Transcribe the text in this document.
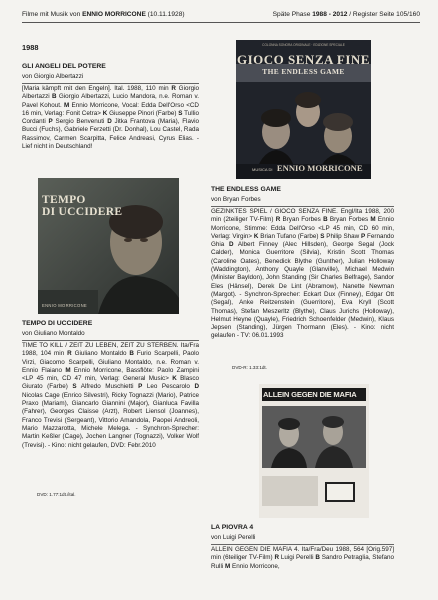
Filme mit Musik von ENNIO MORRICONE (10.11.1928)	Späte Phase 1988 - 2012 / Register Seite 105/160
1988
GLI ANGELI DEL POTERE
von Giorgio Albertazzi

[Maria kämpft mit den Engeln]. Ital. 1988, 110 min R Giorgio Albertazzi B Giorgio Albertazzi, Lucio Mandora, n.e. Roman v. Pavel Kohout. M Ennio Morricone, Vocal: Edda Dell'Orso <CD 16 min, Verlag: Fonit Cetra> K Giuseppe Pinori (Farbe) S Tullio Cordanti P Sergio Benvenuti D Jitka Frantova (Maria), Flavio Bucci (Fuchs), Gabriele Ferzetti (Dr. Donhal), Lou Castel, Rada Rassimov, Carmen Scarpitta, Felice Andreasi, Cyrus Elias. - Lief nicht in Deutschland!

TEMPO
DI UCCIDERE
ENNIO MORRICONE
TEMPO DI UCCIDERE
von Giuliano Montaldo

TIME TO KILL / ZEIT ZU LEBEN, ZEIT ZU STERBEN. Ita/Fra 1988, 104 min R Giuliano Montaldo B Furio Scarpelli, Paolo Virzi, Giacomo Scarpelli, Giuliano Montaldo, n.e. Roman v. Ennio Flaiano M Ennio Morricone, Bassflöte: Paolo Zampini <LP 45 min, CD 47 min, Verlag: General Music> K Blasco Giurato (Farbe) S Alfredo Muschietti P Leo Pescarolo D Nicolas Cage (Enrico Silvestri), Ricky Tognazzi (Mario), Patrice Praxo (Mariam), Giancarlo Giannini (Major), Gianluca Favilla (Fahrer), Georges Claisse (Arzt), Robert Liensol (Joannes), Franco Trevisi (Sergeant), Vittorio Amandola, Paopei Andreoli, Mario Mazzarotta, Michele Melega. - Synchron-Sprecher: Martin Keßler (Cage), Jochen Langner (Tognazzi), Volker Wolf (Trevisi). - Kino: nicht gelaufen, DVD: Febr.2010

DVD: 1.77:1dt./ital.
COLONNA SONORA ORIGINALE · EDIZIONE SPECIALE
GIOCO SENZA FINE
THE ENDLESS GAME
MUSICA DI ENNIO MORRICONE
THE ENDLESS GAME
von Bryan Forbes

GEZINKTES SPIEL / GIOCO SENZA FINE. Engl/Ita 1988, 200 min (2teiliger TV-Film) R Bryan Forbes B Bryan Forbes M Ennio Morricone, Stimme: Edda Dell'Orso <LP 45 min, CD 60 min, Verlag: Virgin> K Brian Tufano (Farbe) S Philip Shaw P Fernando Ghia D Albert Finney (Alec Hillsden), George Segal (Jock Calder), Monica Guerritore (Silvia), Kristin Scott Thomas (Caroline Oates), Benedick Blythe (Gunther), Julian Holloway (Waddington), Anthony Quayle (Glanville), Michael Medwin (Minister Bayldon), John Standing (Sir Charles Belfrage), Sandor Eles (Hänsel), Derek De Lint (Abramow), Nanette Newman (Margot). - Synchron-Sprecher: Eckart Dux (Finney), Edgar Ott (Segal), Anke Reitzenstein (Guerritore), Eva Kryll (Scott Thomas), Stefan Meszerltz (Blythe), Claus Jurichs (Holloway), Helmut Heyne (Quayle), Friedrich Schoenfelder (Medwin), Klaus Jepsen (Standing), Jürgen Thormann (Eles). - Kino: nicht gelaufen - TV: 06.01.1993

DVD-R: 1.33:1dt.
ALLEIN GEGEN DIE MAFIA
LA PIOVRA 4
von Luigi Perelli

ALLEIN GEGEN DIE MAFIA 4. Ita/Fra/Deu 1988, 564 [Orig.597] min (6teiliger TV-Film) R Luigi Perelli B Sandro Petraglia, Stefano Rulli M Ennio Morricone,
